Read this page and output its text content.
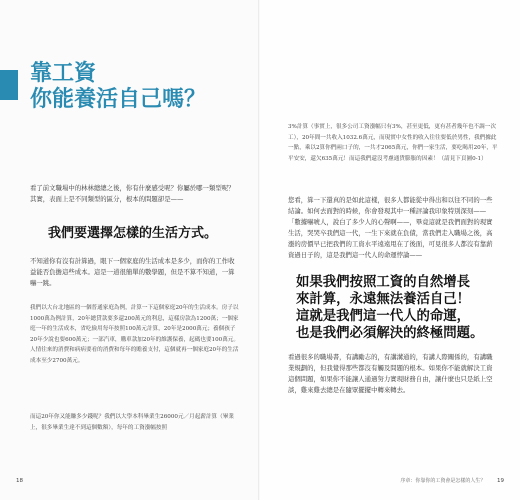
靠工資
你能養活自己嗎？

看了前文職場中的林林總總之後，你有什麼感受呢？你屬於哪一類型呢？其實，表面上是不同類型的區分，根本的問題卻是——

我們要選擇怎樣的生活方式。

不知道你有沒有計算過，眼下一個家庭的生活成本是多少，而你的工作收益能否負擔這些成本。這是一道很簡單的數學題，但是不算不知道，一算嚇一跳。

我們以大台北地區的一個普通家庭為例，計算一下這個家庭20年的生活成本。房子以1000萬為例計算，20年總貸款要多還200萬元的利息，這樣房款為1200萬；一個家庭一年的生活成本，省吃儉用每年按照100萬元計算，20年是2000萬元；養個孩子20年少說也要600萬元；一部汽車，購車款加20年的維護保養，起碼也要100萬元。人情往來的消費和病病要看的消費和每年的贍養支付，這個就再一個家庭20年的生活成本至少2700萬元。

而這20年你又能賺多少錢呢？我們以大學本科畢業生26000元／月起薪計算（畢業上，很多畢業生達不到這個數額），每年的工資漲幅按照

18

3%計算（事實上，很多公司工資漲幅只有3%，甚至更低，更有甚者幾年也不調一次工），20年間一共收入1032.6萬元，而現實中女性的收入往往要低於男性，我們據此一點，乘以2算你們兩口子的，一共才2065萬元，你們一家生活，要吃喝用20年，平平安安，還欠635萬元！而這我們還沒考慮通貨膨脹的因素！（請見下頁圖0-1）

您看，算一下還真的是如此這樣，很多人都能從中得出和以往不同的一些結論。如何去面對的時候，你會發現其中一種評論我印象特別深刻——「數據嚇唬人，說白了多少人的心聲啊——，畢竟這就是我們面對的現實生活，哭哭卒我們這一代，一生下來就在負債，當我們走入職場之後，高漲的房價早已把我們的工資水平遠遠甩在了後面，可見很多人都沒有靠薪資過日子的，這是我們這一代人的命運悖論——

如果我們按照工資的自然增長
來計算，永遠無法養活自己！
這就是我們這一代人的命運，
也是我們必須解決的終極問題。

看過很多的職場書，有講勵志的，有講溝通的，有講人際關係的，有講職業規劃的，但我覺得那些都沒有觸及問題的根本。如果你不能就解決工資這個問題，如果你不能讓人通過努力實現財務自由，讓什麼也只是紙上空談，雞來雞去總是在隨眾擺擺中轉來轉去。

序章：你靠你的工資會是怎樣的人生？ 19
